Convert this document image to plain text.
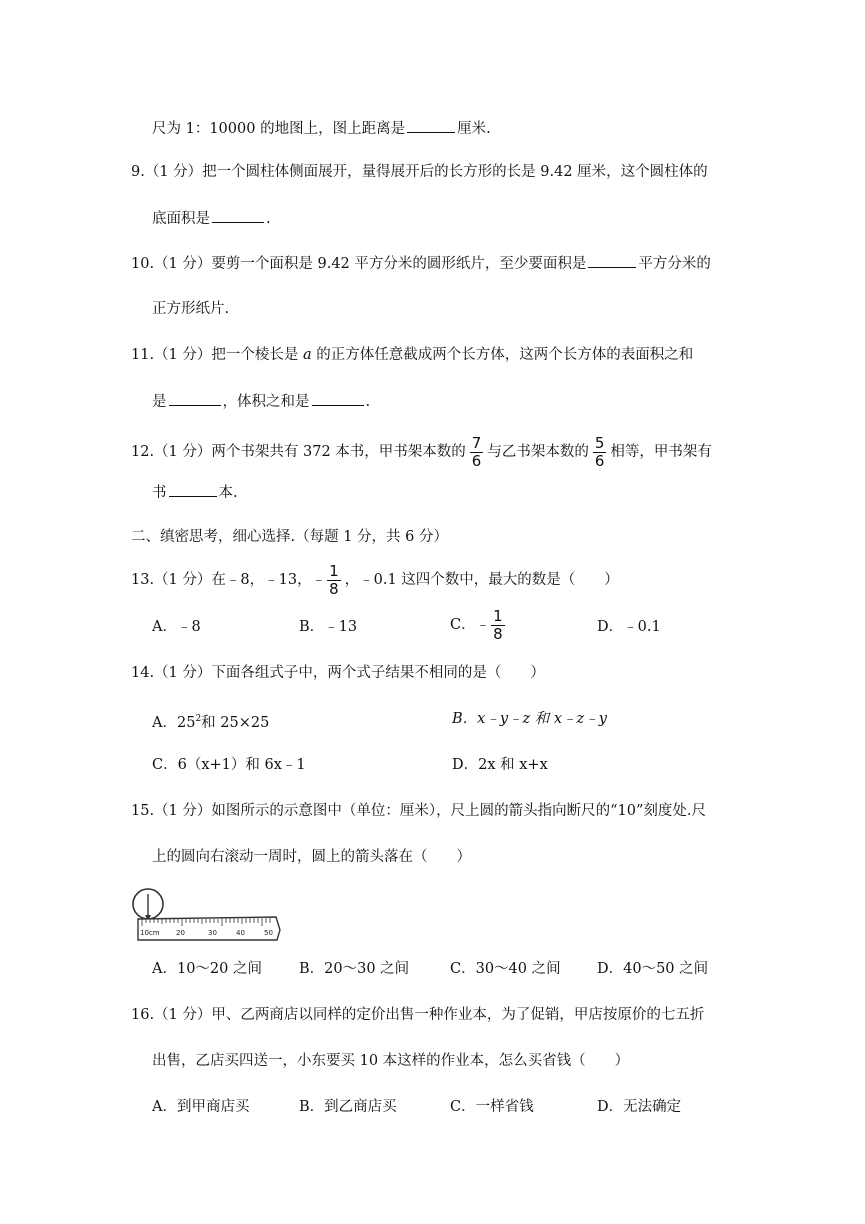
尺为 1：10000 的地图上，图上距离是	厘米.
9.（1 分）把一个圆柱体侧面展开，量得展开后的长方形的长是 9.42 厘米，这个圆柱体的
底面积是	.
10.（1 分）要剪一个面积是 9.42 平方分米的圆形纸片，至少要面积是	平方分米的
正方形纸片.
11.（1 分）把一个棱长是 a 的正方体任意截成两个长方体，这两个长方体的表面积之和
是	，体积之和是	.
12.（1 分）两个书架共有 372 本书，甲书架本数的 $\frac{7}{6}$ 与乙书架本数的 $\frac{5}{6}$ 相等，甲书架有
书	本.
二、缜密思考，细心选择.（每题 1 分，共 6 分）
13.（1 分）在﹣8，﹣13，﹣ $\frac{1}{8}$ ，﹣0.1 这四个数中，最大的数是（　　）
A．﹣8	B．﹣13	C．﹣ $\frac{1}{8}$	D．﹣0.1
14.（1 分）下面各组式子中，两个式子结果不相同的是（　　）
A．$25^2$和 25×25	B．x﹣y﹣z 和 x﹣z﹣y
C．6（x+1）和 6x﹣1	D．2x 和 x+x
15.（1 分）如图所示的示意图中（单位：厘米），尺上圆的箭头指向断尺的“10”刻度处.尺
上的圆向右滚动一周时，圆上的箭头落在（　　）
10cm 20	30	40	50
A．10～20 之间	B．20～30 之间	C．30～40 之间	D．40～50 之间
16.（1 分）甲、乙两商店以同样的定价出售一种作业本，为了促销，甲店按原价的七五折
出售，乙店买四送一，小东要买 10 本这样的作业本，怎么买省钱（　　）
A．到甲商店买	B．到乙商店买	C．一样省钱	D．无法确定
